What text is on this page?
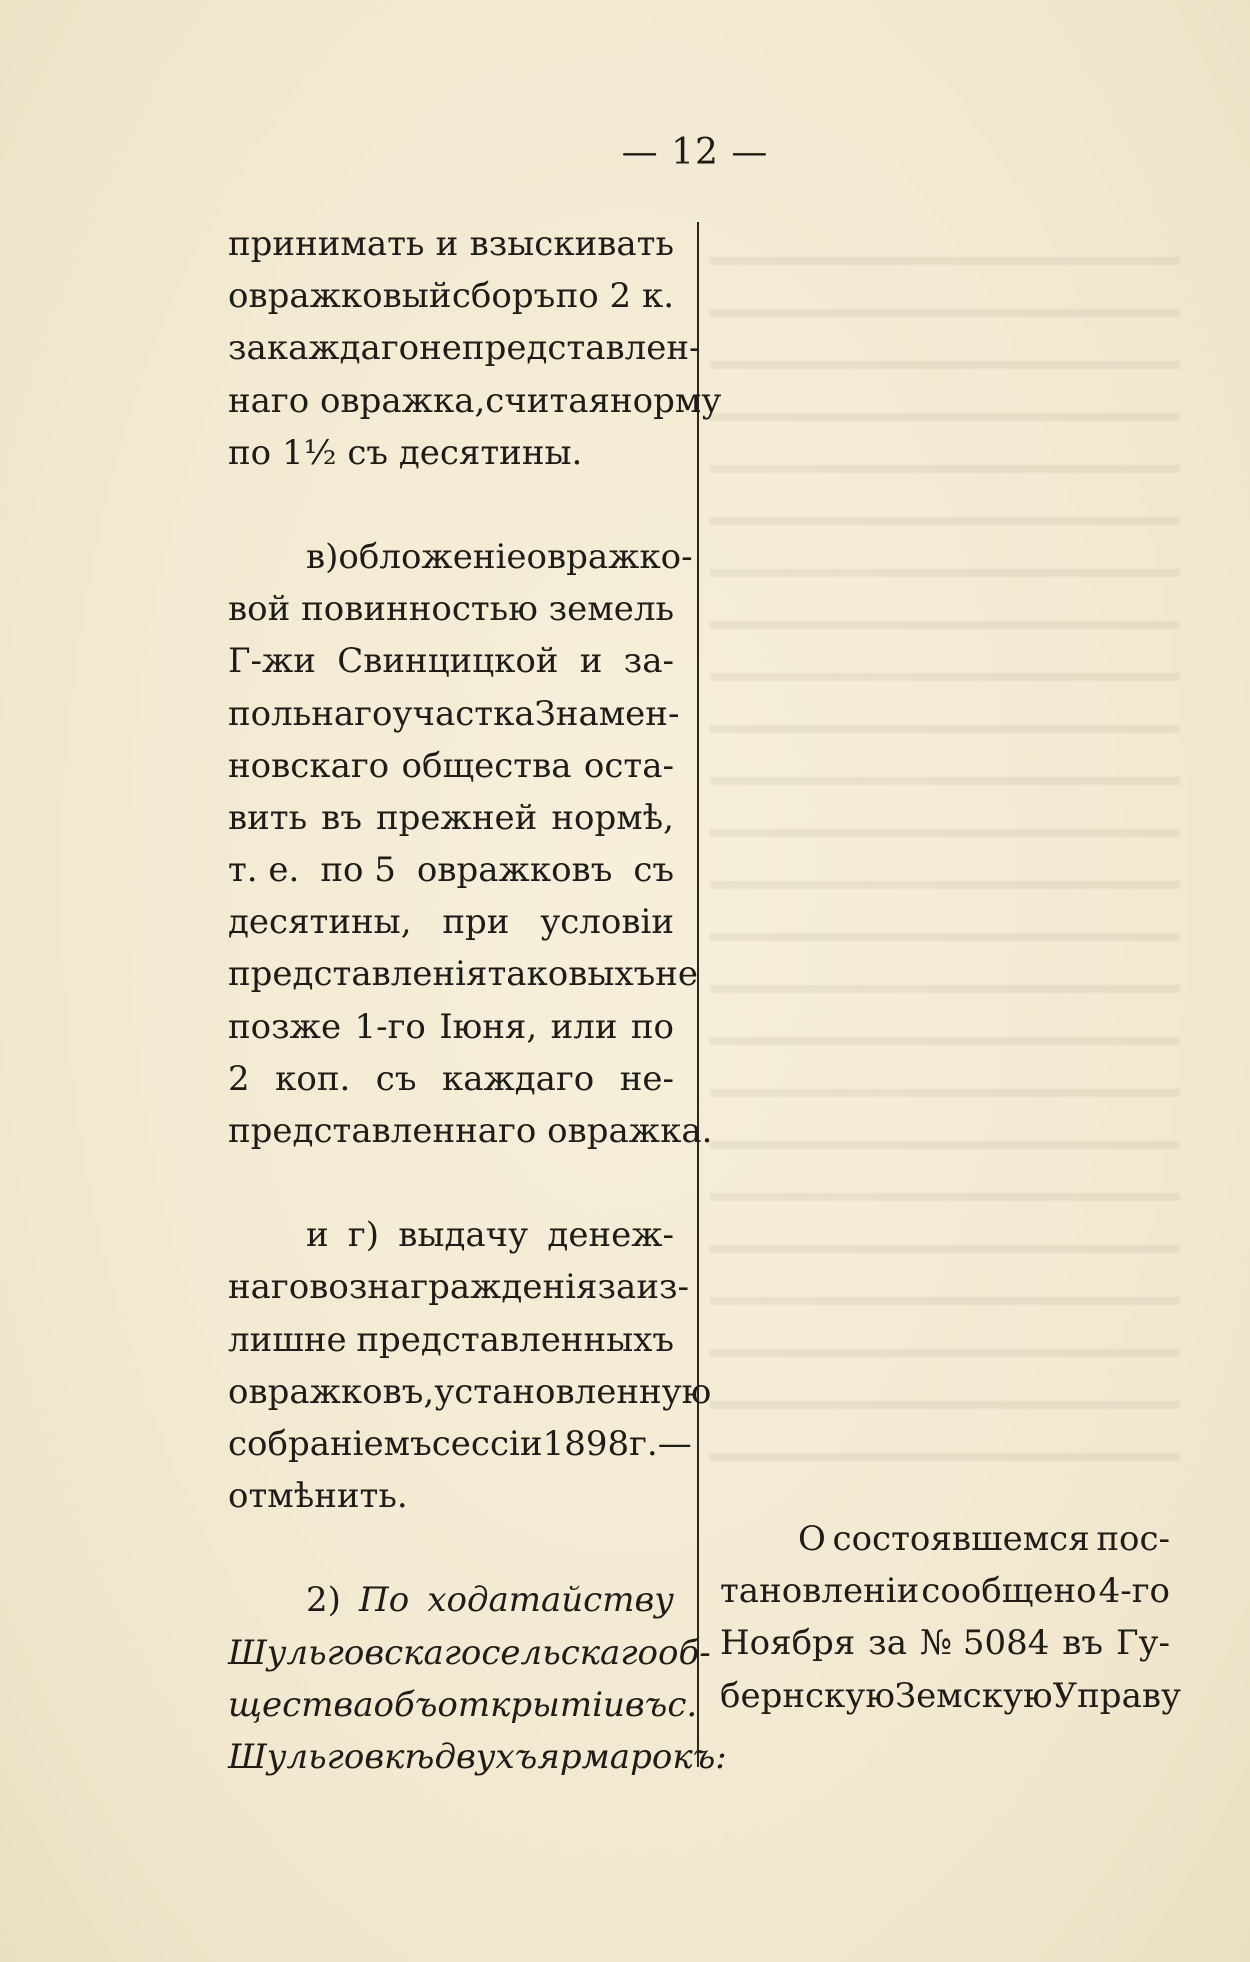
— 12 —
принимать и взыскивать
овражковый сборъ по 2 к.
за каждаго непредставлен-
наго овражка, считая норму
по 1½ съ десятины.
в) обложенiе овражко-
вой повинностью земель
Г-жи Свинцицкой и за-
польнаго участка Знамен-
новскаго общества оста-
вить въ прежней нормѣ,
т. е. по 5 овражковъ съ
десятины, при условiи
представленiя таковыхъ не
позже 1-го Iюня, или по
2 коп. съ каждаго не-
представленнаго овражка.
и г) выдачу денеж-
наго вознагражденiя за из-
лишне представленныхъ
овражковъ, установленную
собранiемъ сессiи 1898 г.—
отмѣнить.
2) По ходатайству
Шульговскаго сельскаго об-
щества объ открытiи въ с.
Шульговкѣ двухъ ярмарокъ:
О состоявшемся пос-
тановленiи сообщено 4-го
Ноября за № 5084 въ Гу-
бернскую Земскую Управу
